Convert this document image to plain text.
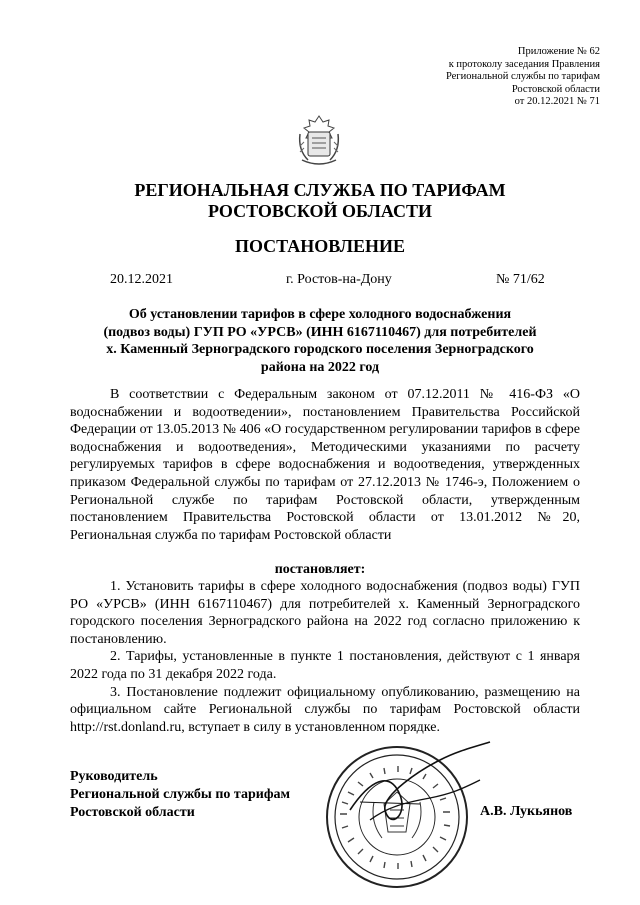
Приложение № 62
к протоколу заседания Правления
Региональной службы по тарифам
Ростовской области
от 20.12.2021 № 71
РЕГИОНАЛЬНАЯ СЛУЖБА ПО ТАРИФАМ
РОСТОВСКОЙ ОБЛАСТИ
ПОСТАНОВЛЕНИЕ
20.12.2021	г. Ростов-на-Дону	№ 71/62
Об установлении тарифов в сфере холодного водоснабжения
(подвоз воды) ГУП РО «УРСВ» (ИНН 6167110467) для потребителей
х. Каменный Зерноградского городского поселения Зерноградского
района на 2022 год

В соответствии с Федеральным законом от 07.12.2011 № 416-ФЗ «О водоснабжении и водоотведении», постановлением Правительства Российской Федерации от 13.05.2013 № 406 «О государственном регулировании тарифов в сфере водоснабжения и водоотведения», Методическими указаниями по расчету регулируемых тарифов в сфере водоснабжения и водоотведения, утвержденных приказом Федеральной службы по тарифам от 27.12.2013 № 1746-э, Положением о Региональной службе по тарифам Ростовской области, утвержденным постановлением Правительства Ростовской области от 13.01.2012 №20, Региональная служба по тарифам Ростовской области

постановляет:

1. Установить тарифы в сфере холодного водоснабжения (подвоз воды) ГУП РО «УРСВ» (ИНН 6167110467) для потребителей х. Каменный Зерноградского городского поселения Зерноградского района на 2022 год согласно приложению к постановлению.

2. Тарифы, установленные в пункте 1 постановления, действуют с 1 января 2022 года по 31 декабря 2022 года.

3. Постановление подлежит официальному опубликованию, размещению на официальном сайте Региональной службы по тарифам Ростовской области http://rst.donland.ru, вступает в силу в установленном порядке.

Руководитель
Региональной службы по тарифам
Ростовской области	А.В. Лукьянов
